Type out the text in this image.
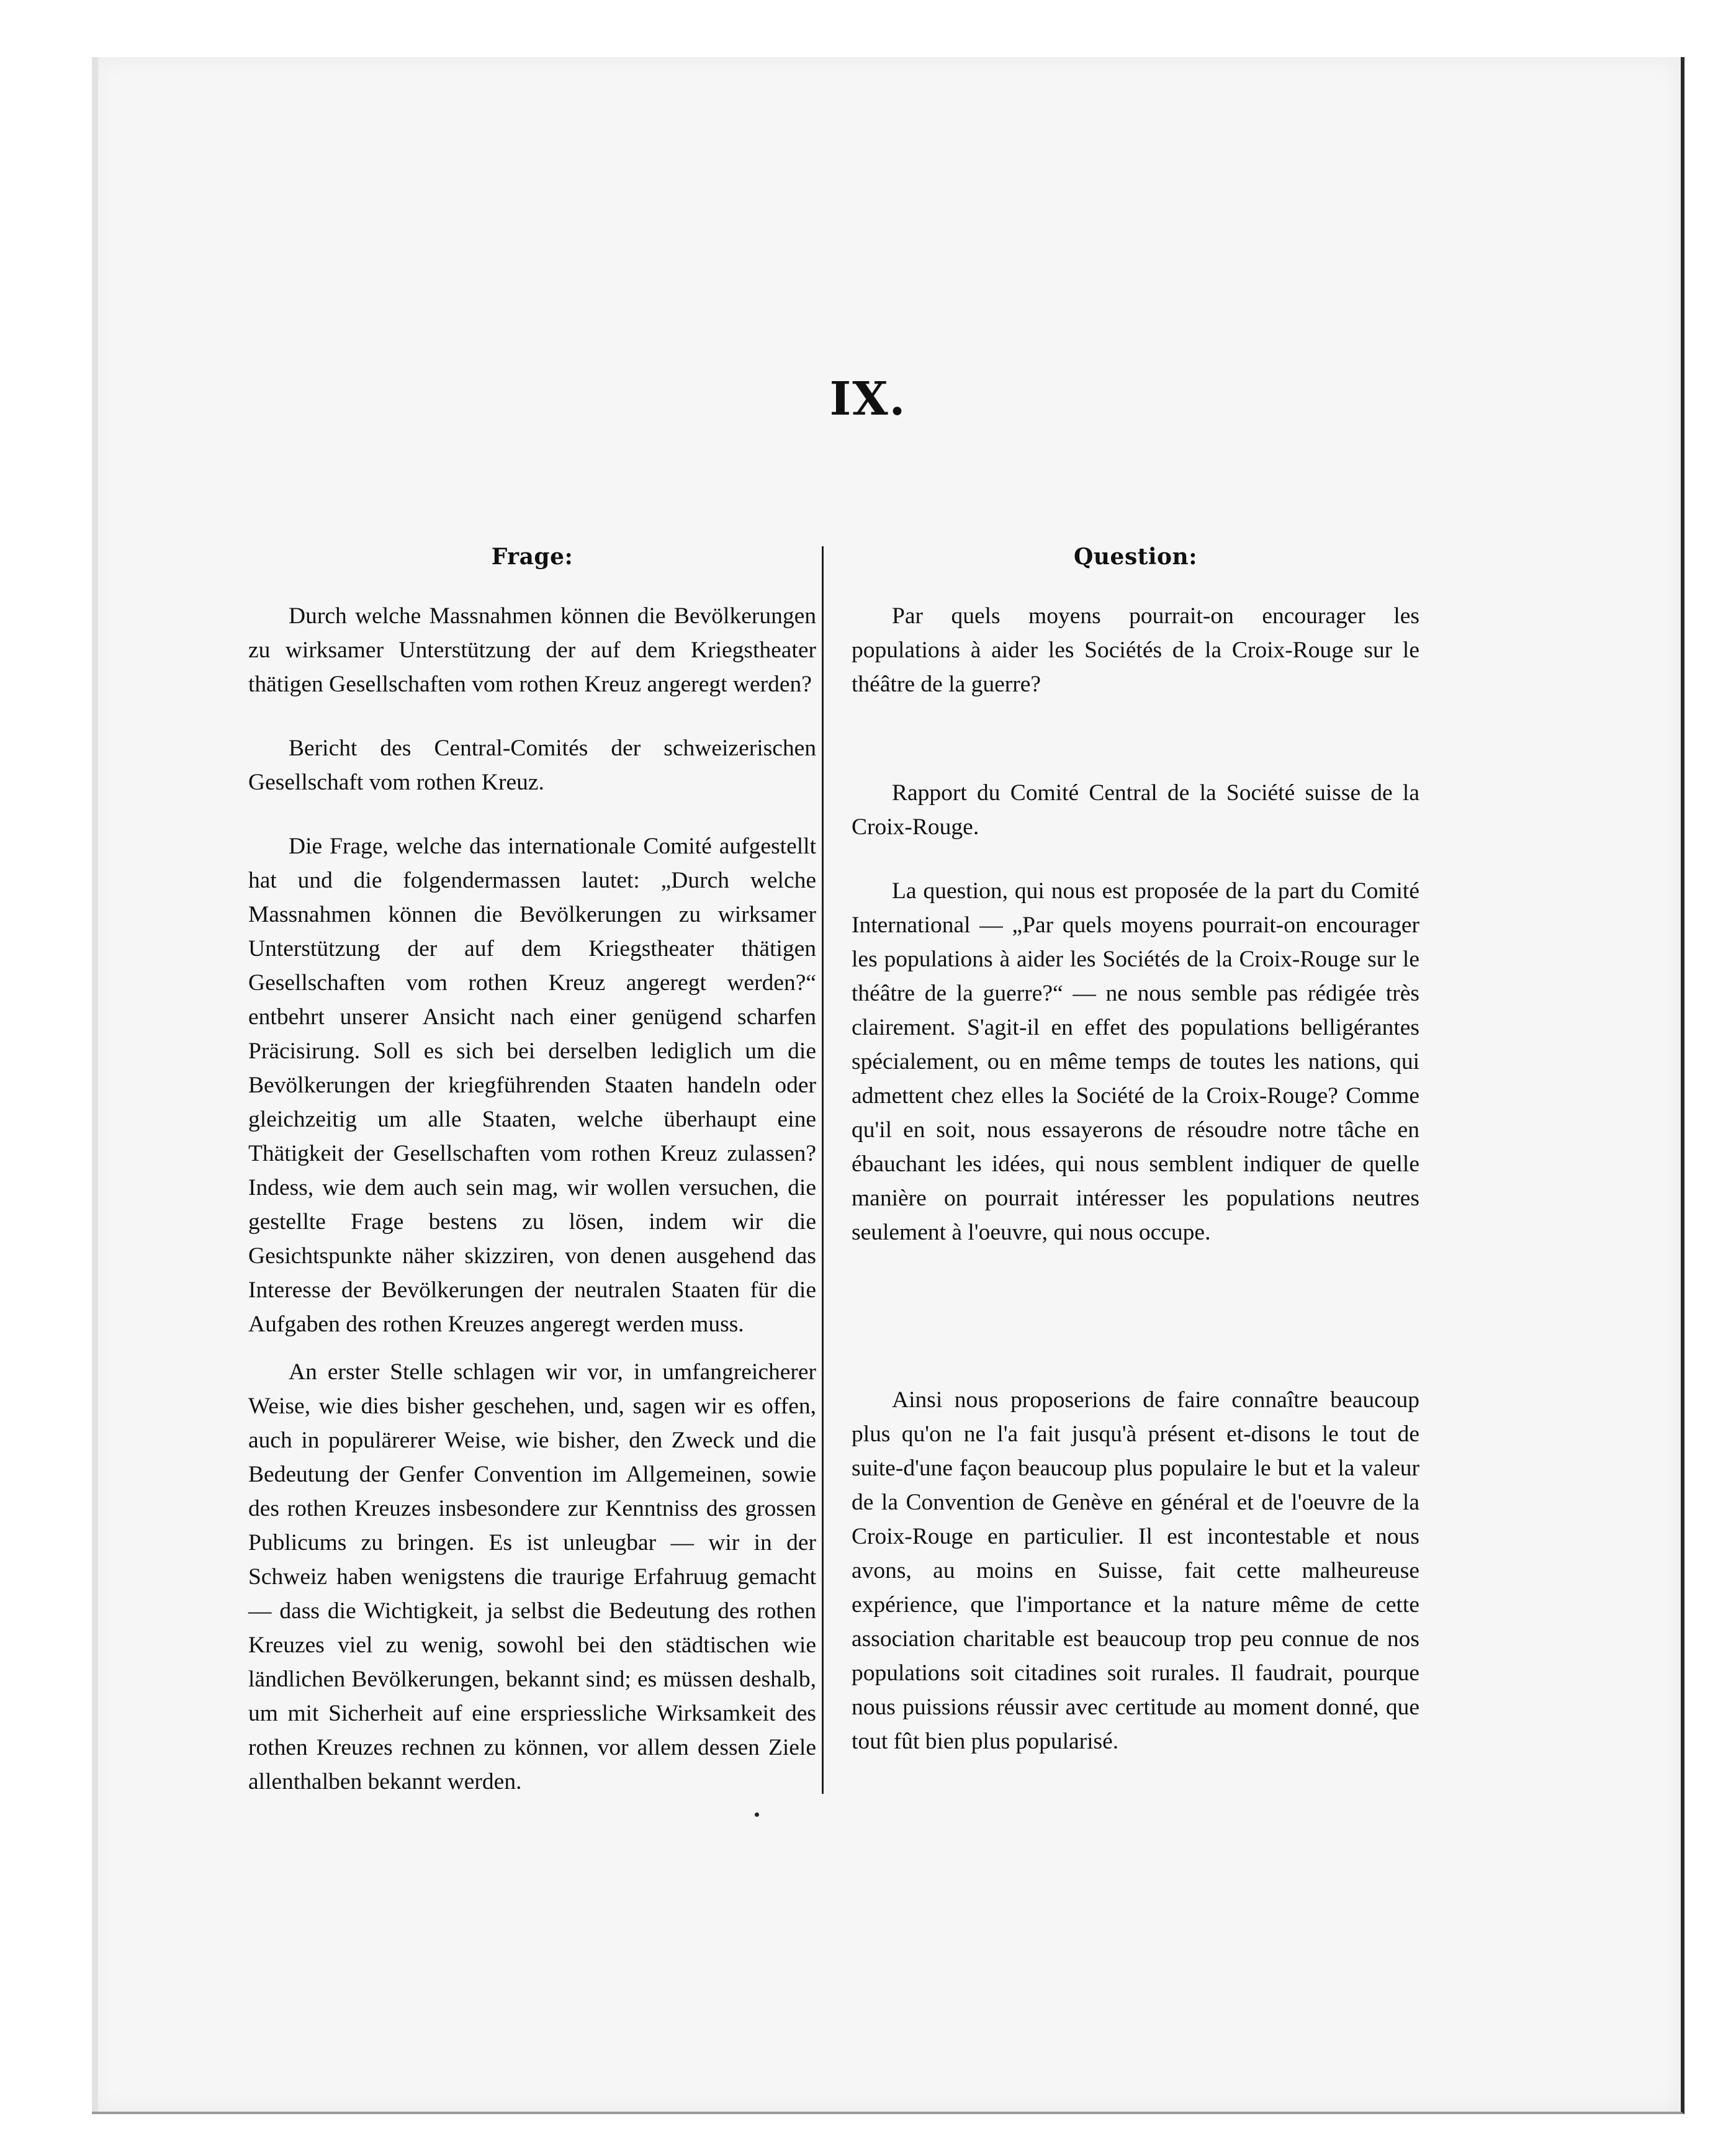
IX.
Frage:

Durch welche Massnahmen können die Bevölkerungen zu wirksamer Unterstützung der auf dem Kriegstheater thätigen Gesellschaften vom rothen Kreuz angeregt werden?

Bericht des Central-Comités der schweizerischen Gesellschaft vom rothen Kreuz.

Die Frage, welche das internationale Comité aufgestellt hat und die folgendermassen lautet: „Durch welche Massnahmen können die Bevölkerungen zu wirksamer Unterstützung der auf dem Kriegstheater thätigen Gesellschaften vom rothen Kreuz angeregt werden?“ entbehrt unserer Ansicht nach einer genügend scharfen Präcisirung. Soll es sich bei derselben lediglich um die Bevölkerungen der kriegführenden Staaten handeln oder gleichzeitig um alle Staaten, welche überhaupt eine Thätigkeit der Gesellschaften vom rothen Kreuz zulassen? Indess, wie dem auch sein mag, wir wollen versuchen, die gestellte Frage bestens zu lösen, indem wir die Gesichtspunkte näher skizziren, von denen ausgehend das Interesse der Bevölkerungen der neutralen Staaten für die Aufgaben des rothen Kreuzes angeregt werden muss.

An erster Stelle schlagen wir vor, in umfangreicherer Weise, wie dies bisher geschehen, und, sagen wir es offen, auch in populärerer Weise, wie bisher, den Zweck und die Bedeutung der Genfer Convention im Allgemeinen, sowie des rothen Kreuzes insbesondere zur Kenntniss des grossen Publicums zu bringen. Es ist unleugbar — wir in der Schweiz haben wenigstens die traurige Erfahruug gemacht — dass die Wichtigkeit, ja selbst die Bedeutung des rothen Kreuzes viel zu wenig, sowohl bei den städtischen wie ländlichen Bevölkerungen, bekannt sind; es müssen deshalb, um mit Sicherheit auf eine erspriessliche Wirksamkeit des rothen Kreuzes rechnen zu können, vor allem dessen Ziele allenthalben bekannt werden.

Question:

Par quels moyens pourrait-on encourager les populations à aider les Sociétés de la Croix-Rouge sur le théâtre de la guerre?

Rapport du Comité Central de la Société suisse de la Croix-Rouge.

La question, qui nous est proposée de la part du Comité International — „Par quels moyens pourrait-on encourager les populations à aider les Sociétés de la Croix-Rouge sur le théâtre de la guerre?“ — ne nous semble pas rédigée très clairement. S'agit-il en effet des populations belligérantes spécialement, ou en même temps de toutes les nations, qui admettent chez elles la Société de la Croix-Rouge? Comme qu'il en soit, nous essayerons de résoudre notre tâche en ébauchant les idées, qui nous semblent indiquer de quelle manière on pourrait intéresser les populations neutres seulement à l'oeuvre, qui nous occupe.

Ainsi nous proposerions de faire connaître beaucoup plus qu'on ne l'a fait jusqu'à présent et-disons le tout de suite-d'une façon beaucoup plus populaire le but et la valeur de la Convention de Genève en général et de l'oeuvre de la Croix-Rouge en particulier. Il est incontestable et nous avons, au moins en Suisse, fait cette malheureuse expérience, que l'importance et la nature même de cette association charitable est beaucoup trop peu connue de nos populations soit citadines soit rurales. Il faudrait, pourque nous puissions réussir avec certitude au moment donné, que tout fût bien plus popularisé.
